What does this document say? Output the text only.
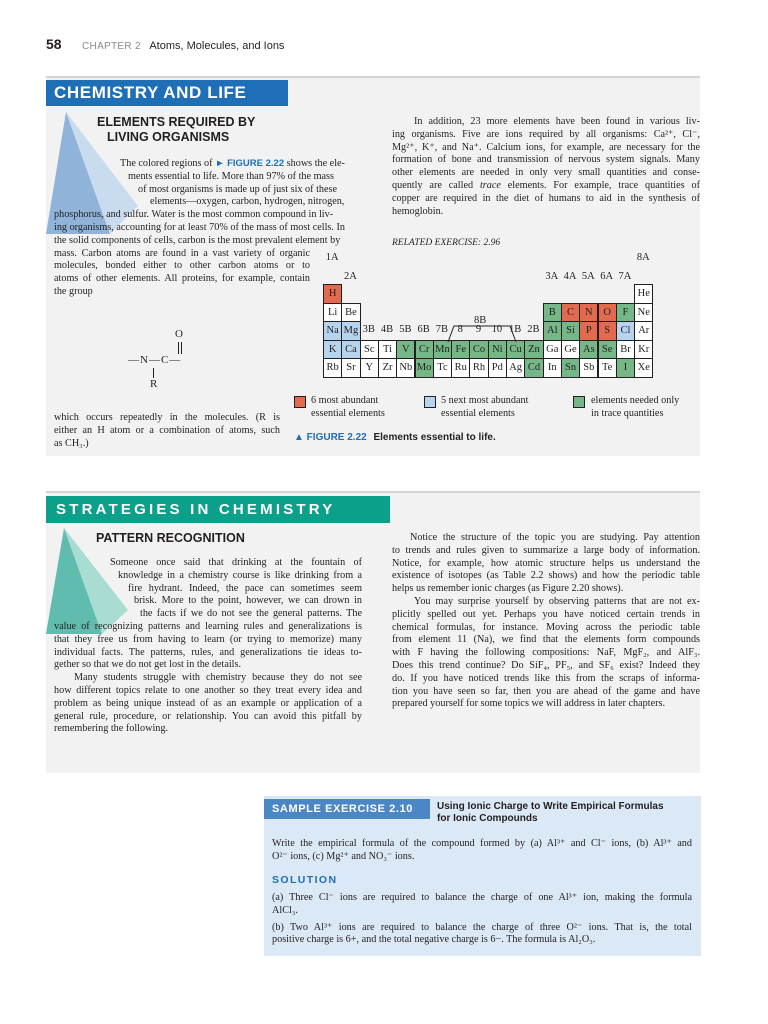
58 CHAPTER 2 Atoms, Molecules, and Ions
CHEMISTRY AND LIFE
ELEMENTS REQUIRED BY
LIVING ORGANISMS
The colored regions of ► FIGURE 2.22 shows the ele-
ments essential to life. More than 97% of the mass
of most organisms is made up of just six of these
elements—oxygen, carbon, hydrogen, nitrogen,
phosphorus, and sulfur. Water is the most common compound in liv-
ing organisms, accounting for at least 70% of the mass of most cells. In
the solid components of cells, carbon is the most prevalent element by
mass. Carbon atoms are found in a vast variety of organic
molecules, bonded either to other carbon atoms or to
atoms of other elements. All proteins, for example, contain
the group
O
—N—C—
R
which occurs repeatedly in the molecules. (R is
either an H atom or a combination of atoms, such
as CH₃.)
In addition, 23 more elements have been found in various liv-
ing organisms. Five are ions required by all organisms: Ca²⁺, Cl⁻,
Mg²⁺, K⁺, and Na⁺. Calcium ions, for example, are necessary for the
formation of bone and transmission of nervous system signals. Many
other elements are needed in only very small quantities and conse-
quently are called trace elements. For example, trace quantities of
copper are required in the diet of humans to aid in the synthesis of
hemoglobin.
RELATED EXERCISE: 2.96
H	He
Li Be	B	C	N	O	F Ne
Na Mg	Al Si	P	S Cl Ar
K Ca Sc Ti V Cr Mn Fe Co Ni Cu Zn Ga Ge As Se Br Kr
Rb Sr Y Zr Nb Mo Tc Ru Rh Pd Ag Cd In Sn Sb Te	I Xe
1A
2A
3B 4B 5B 6B 7B 8	9 10 1B 2B
3A 4A 5A 6A 7A
8A
8B
6 most abundant
essential elements
5 next most abundant
essential elements
elements needed only
in trace quantities
▲ FIGURE 2.22 Elements essential to life.
STRATEGIES IN CHEMISTRY
PATTERN RECOGNITION
Someone once said that drinking at the fountain of
knowledge in a chemistry course is like drinking from a
fire hydrant. Indeed, the pace can sometimes seem
brisk. More to the point, however, we can drown in
the facts if we do not see the general patterns. The
value of recognizing patterns and learning rules and generalizations is
that they free us from having to learn (or trying to memorize) many
individual facts. The patterns, rules, and generalizations tie ideas to-
gether so that we do not get lost in the details.
Many students struggle with chemistry because they do not see
how different topics relate to one another so they treat every idea and
problem as being unique instead of as an example or application of a
general rule, procedure, or relationship. You can avoid this pitfall by
remembering the following.
Notice the structure of the topic you are studying. Pay attention
to trends and rules given to summarize a large body of information.
Notice, for example, how atomic structure helps us understand the
existence of isotopes (as Table 2.2 shows) and how the periodic table
helps us remember ionic charges (as Figure 2.20 shows).
You may surprise yourself by observing patterns that are not ex-
plicitly spelled out yet. Perhaps you have noticed certain trends in
chemical formulas, for instance. Moving across the periodic table
from element 11 (Na), we find that the elements form compounds
with F having the following compositions: NaF, MgF₂, and AlF₃.
Does this trend continue? Do SiF₄, PF₅, and SF₆ exist? Indeed they
do. If you have noticed trends like this from the scraps of informa-
tion you have seen so far, then you are ahead of the game and have
prepared yourself for some topics we will address in later chapters.
SAMPLE EXERCISE 2.10	Using Ionic Charge to Write Empirical Formulas
for Ionic Compounds
Write the empirical formula of the compound formed by (a) Al³⁺ and Cl⁻ ions, (b) Al³⁺ and
O²⁻ ions, (c) Mg²⁺ and NO₃⁻ ions.
SOLUTION
(a) Three Cl⁻ ions are required to balance the charge of one Al³⁺ ion, making the formula
AlCl₃.
(b) Two Al³⁺ ions are required to balance the charge of three O²⁻ ions. That is, the total
positive charge is 6+, and the total negative charge is 6−. The formula is Al₂O₃.
